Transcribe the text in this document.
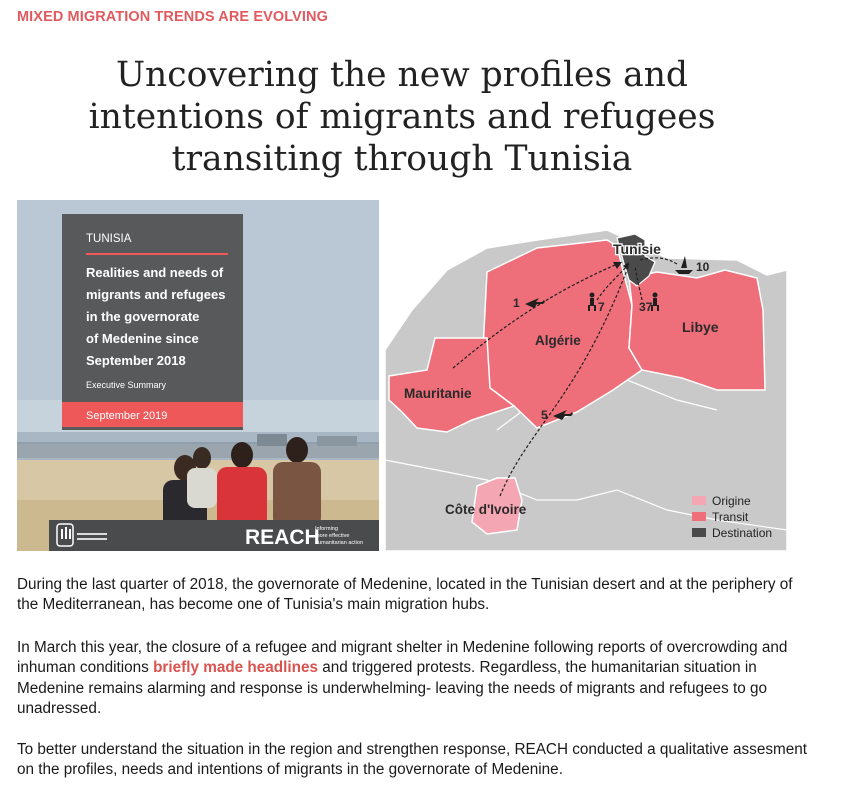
MIXED MIGRATION TRENDS ARE EVOLVING
Uncovering the new profiles and
intentions of migrants and refugees
transiting through Tunisia
TUNISIA
Realities and needs of
migrants and refugees
in the governorate
of Medenine since
September 2018
Executive Summary
September 2019
REACH
Informing
more effective
humanitarian action
Tunisie
Algérie
Libye
Mauritanie
Côte d'Ivoire
10
1	7	37
5
Origine
Transit
Destination

During the last quarter of 2018, the governorate of Medenine, located in the Tunisian desert and at the periphery of the Mediterranean, has become one of Tunisia's main migration hubs.

In March this year, the closure of a refugee and migrant shelter in Medenine following reports of overcrowding and inhuman conditions briefly made headlines and triggered protests. Regardless, the humanitarian situation in Medenine remains alarming and response is underwhelming- leaving the needs of migrants and refugees to go unadressed.

To better understand the situation in the region and strengthen response, REACH conducted a qualitative assesment on the profiles, needs and intentions of migrants in the governorate of Medenine.
